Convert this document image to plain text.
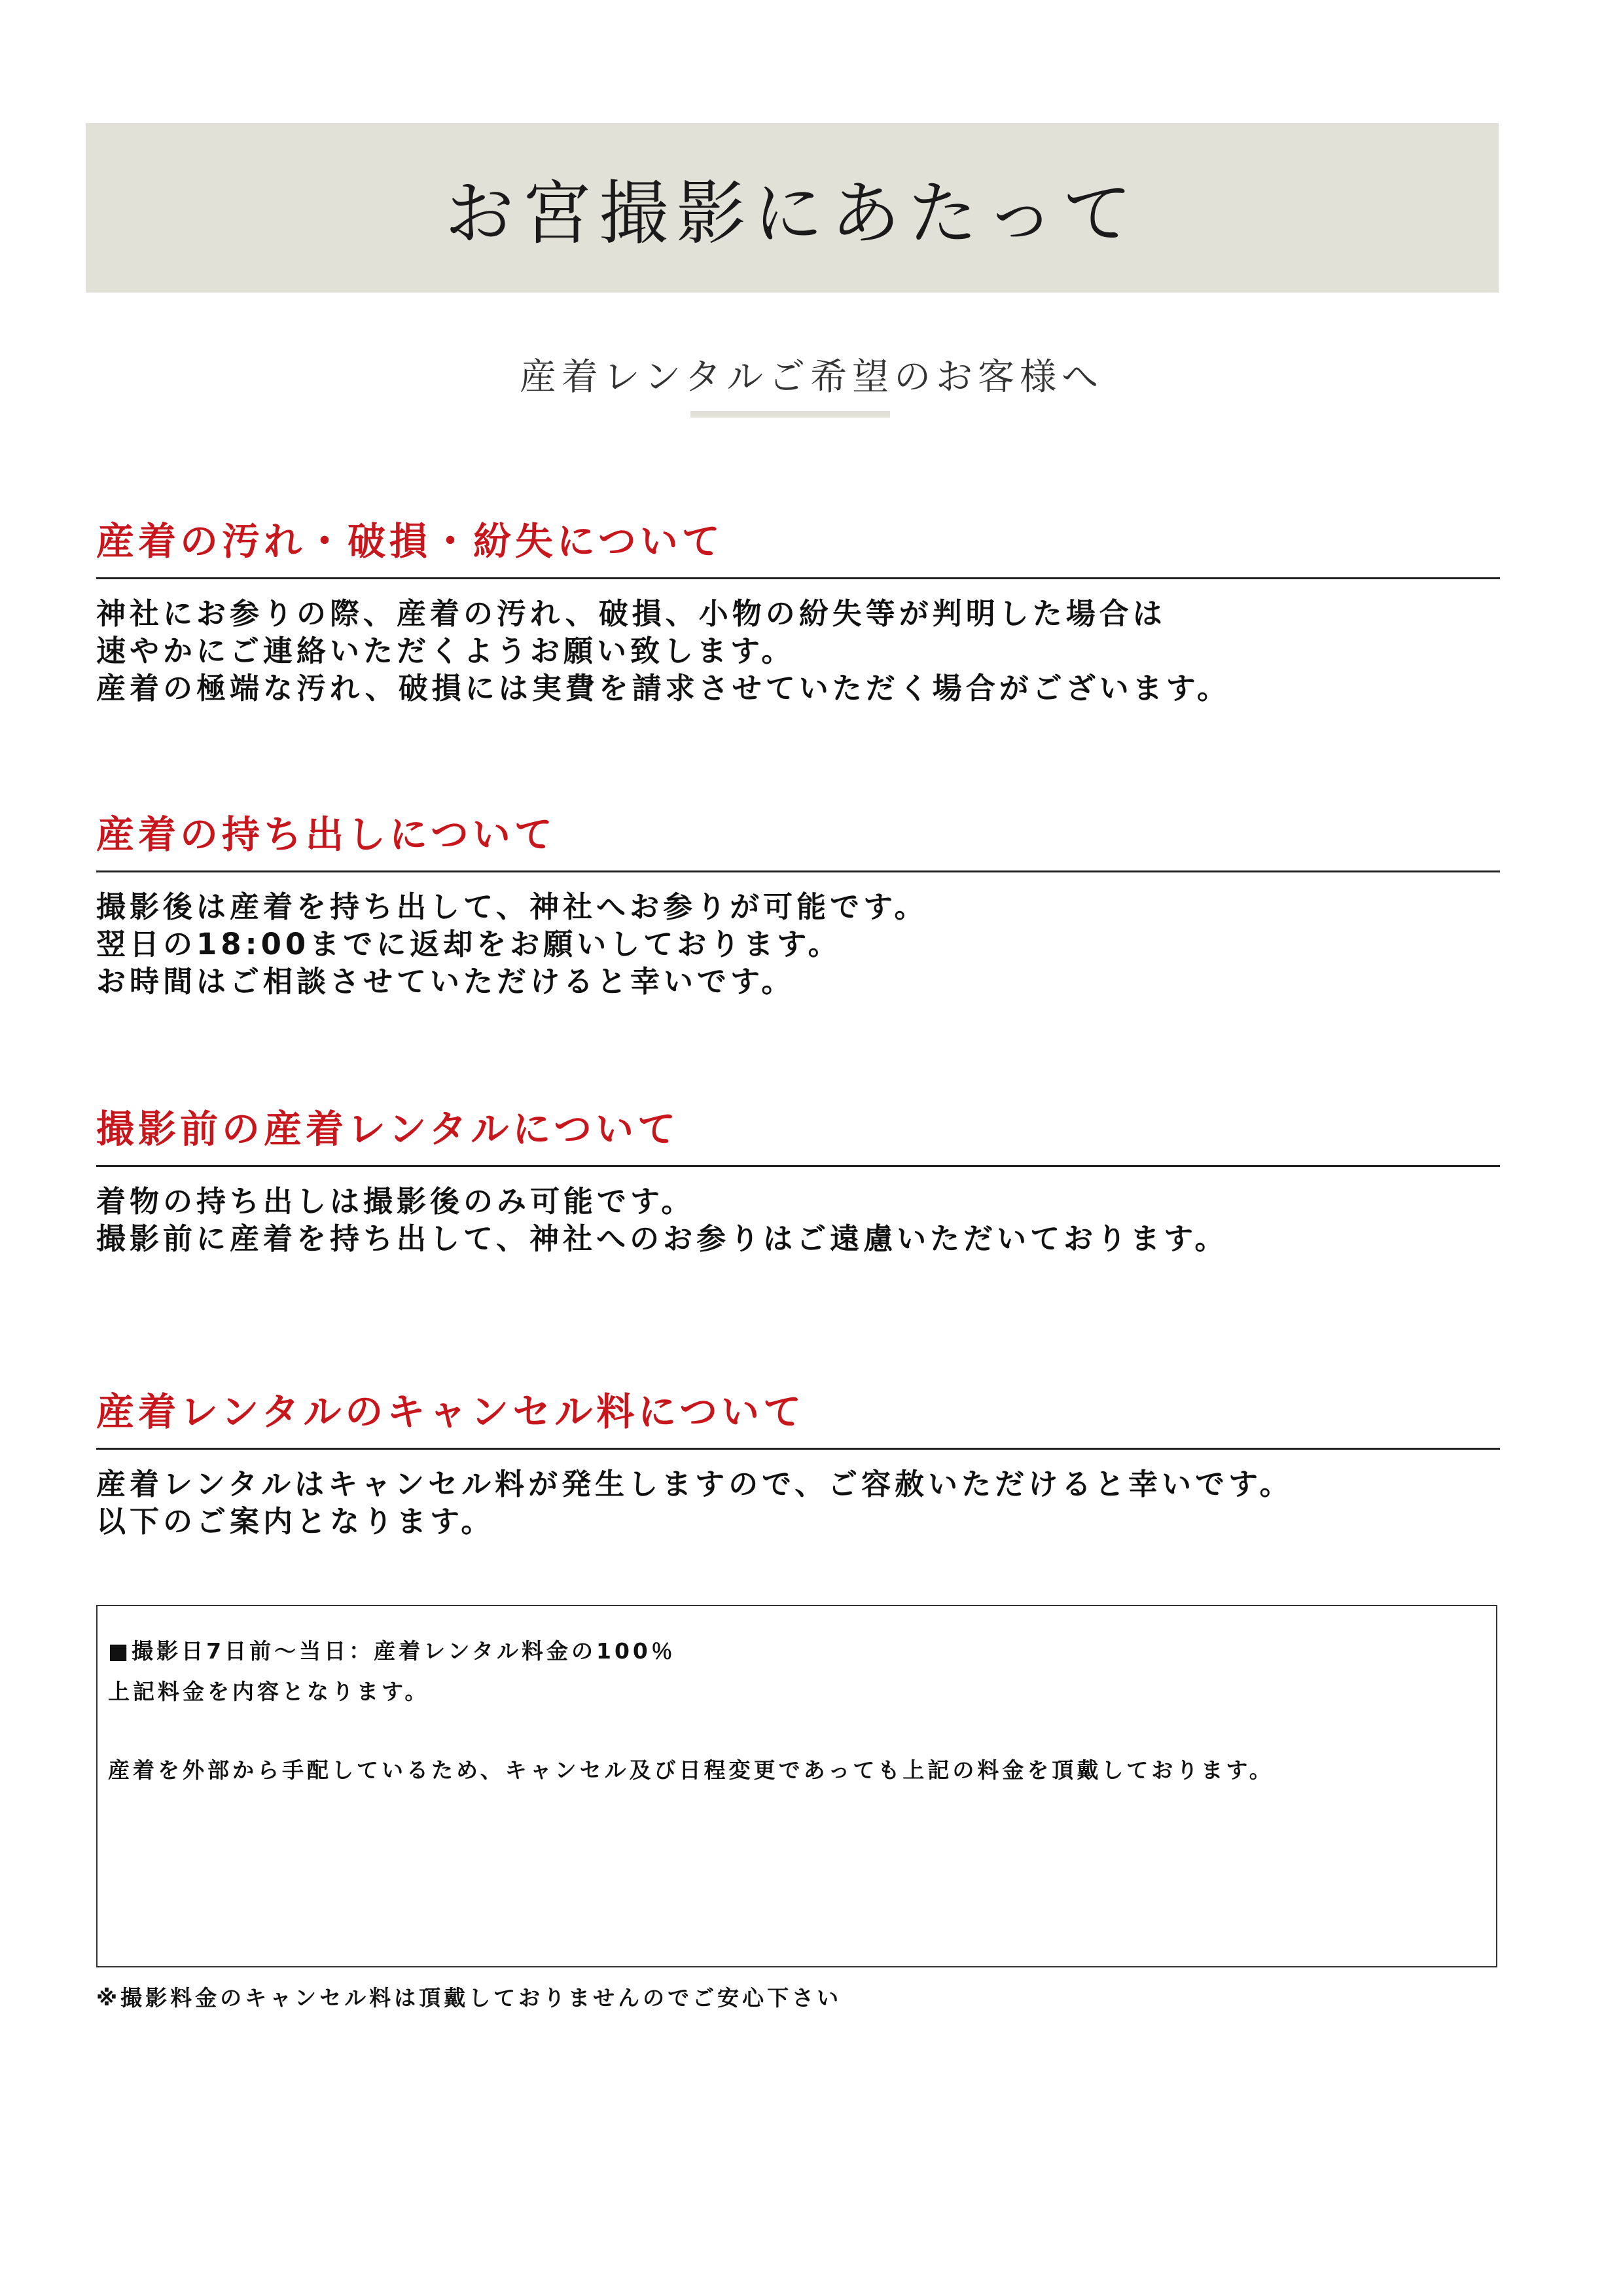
お宮撮影にあたって
産着レンタルご希望のお客様へ
産着の汚れ・破損・紛失について
神社にお参りの際、産着の汚れ、破損、小物の紛失等が判明した場合は
速やかにご連絡いただくようお願い致します。
産着の極端な汚れ、破損には実費を請求させていただく場合がございます。
産着の持ち出しについて
撮影後は産着を持ち出して、神社へお参りが可能です。
翌日の18:00までに返却をお願いしております。
お時間はご相談させていただけると幸いです。
撮影前の産着レンタルについて
着物の持ち出しは撮影後のみ可能です。
撮影前に産着を持ち出して、神社へのお参りはご遠慮いただいております。
産着レンタルのキャンセル料について
産着レンタルはキャンセル料が発生しますので、ご容赦いただけると幸いです。
以下のご案内となります。
■撮影日7日前～当日：産着レンタル料金の100％
上記料金を内容となります。
産着を外部から手配しているため、キャンセル及び日程変更であっても上記の料金を頂戴しております。
※撮影料金のキャンセル料は頂戴しておりませんのでご安心下さい
